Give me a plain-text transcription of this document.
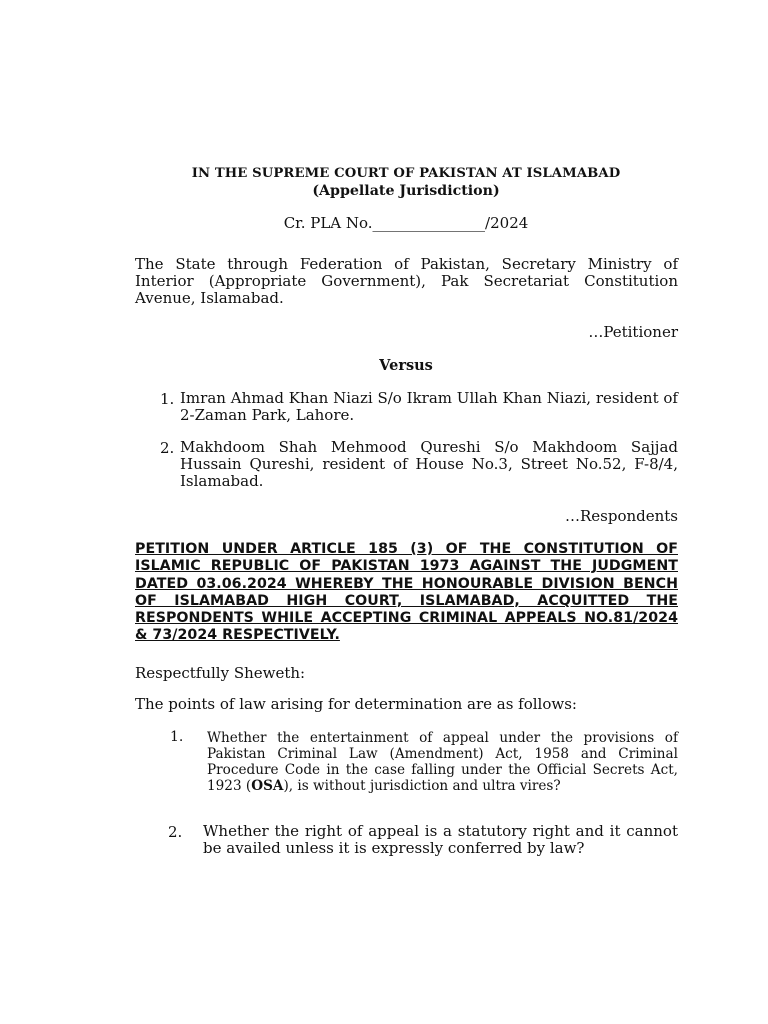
IN THE SUPREME COURT OF PAKISTAN AT ISLAMABAD
(Appellate Jurisdiction)
Cr. PLA No._______________/2024
The State through Federation of Pakistan, Secretary Ministry of Interior (Appropriate Government), Pak Secretariat Constitution Avenue, Islamabad.
…Petitioner
Versus
1. Imran Ahmad Khan Niazi S/o Ikram Ullah Khan Niazi, resident of 2-Zaman Park, Lahore.
2. Makhdoom Shah Mehmood Qureshi S/o Makhdoom Sajjad Hussain Qureshi, resident of House No.3, Street No.52, F-8/4, Islamabad.
…Respondents
PETITION UNDER ARTICLE 185 (3) OF THE CONSTITUTION OF ISLAMIC REPUBLIC OF PAKISTAN 1973 AGAINST THE JUDGMENT DATED 03.06.2024 WHEREBY THE HONOURABLE DIVISION BENCH OF ISLAMABAD HIGH COURT, ISLAMABAD, ACQUITTED THE RESPONDENTS WHILE ACCEPTING CRIMINAL APPEALS NO.81/2024 & 73/2024 RESPECTIVELY.
Respectfully Sheweth:
The points of law arising for determination are as follows:
1. Whether the entertainment of appeal under the provisions of Pakistan Criminal Law (Amendment) Act, 1958 and Criminal Procedure Code in the case falling under the Official Secrets Act, 1923 (OSA), is without jurisdiction and ultra vires?
2. Whether the right of appeal is a statutory right and it cannot be availed unless it is expressly conferred by law?
